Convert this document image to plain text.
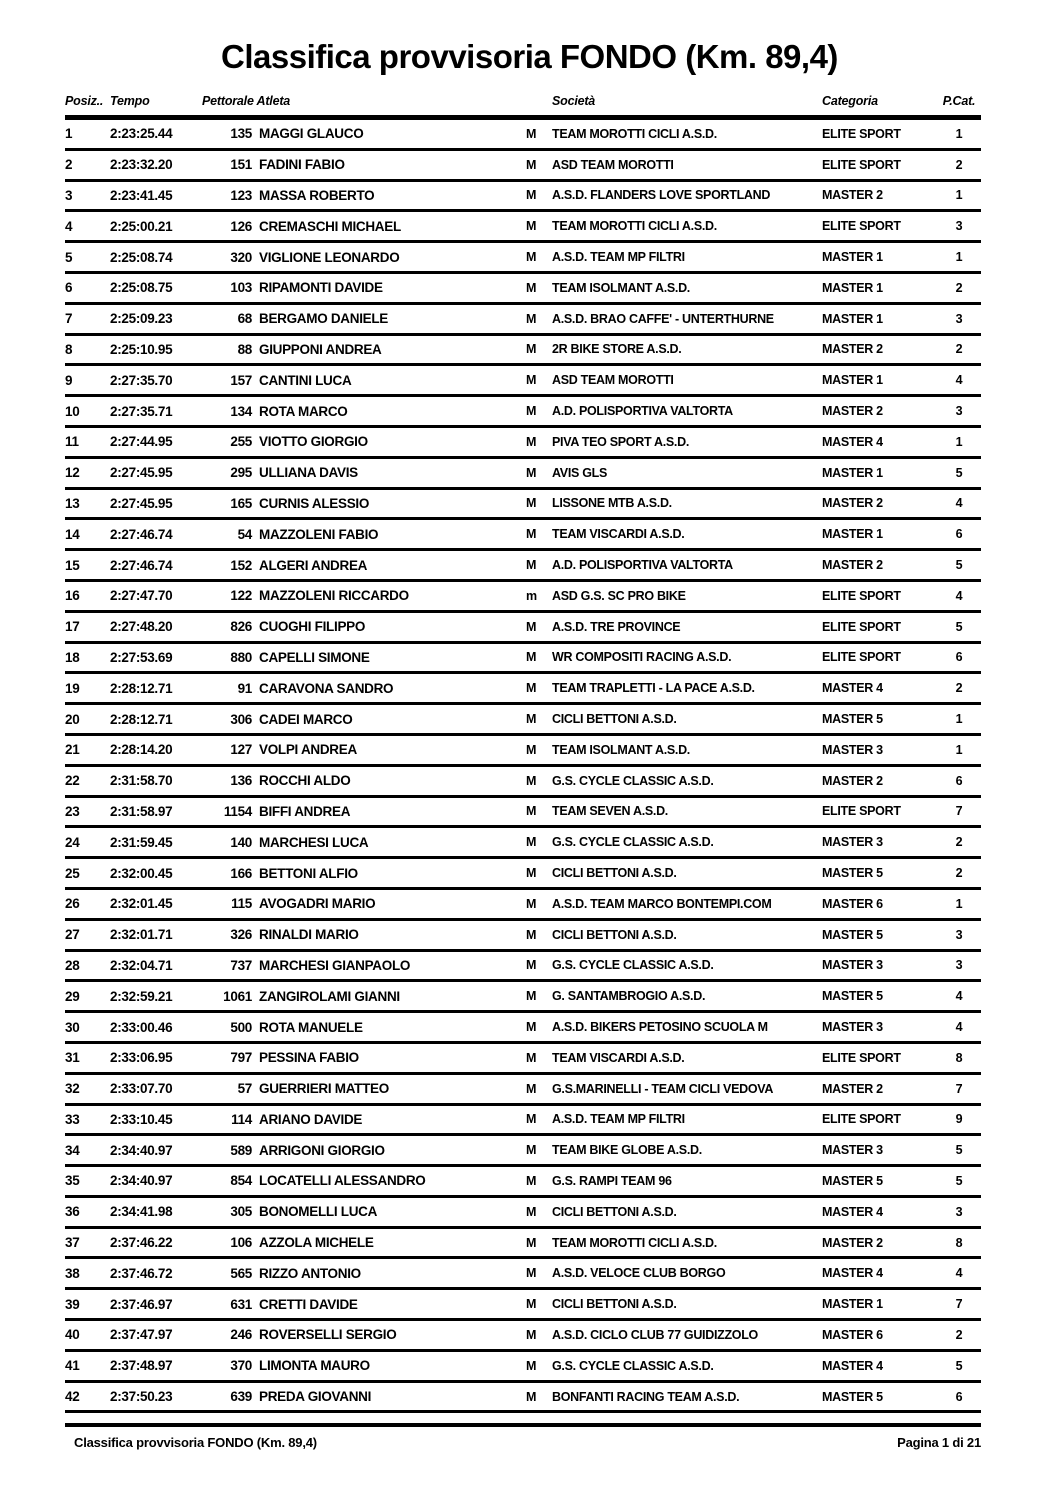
Classifica provvisoria FONDO (Km. 89,4)
Posiz.. Tempo	Pettorale Atleta	Società	Categoria	P.Cat.
1	2:23:25.44	135 MAGGI GLAUCO	M	TEAM MOROTTI CICLI A.S.D.	ELITE SPORT	1
2	2:23:32.20	151 FADINI FABIO	M	ASD TEAM MOROTTI	ELITE SPORT	2
3	2:23:41.45	123 MASSA ROBERTO	M	A.S.D. FLANDERS LOVE SPORTLAND	MASTER 2	1
4	2:25:00.21	126 CREMASCHI MICHAEL	M	TEAM MOROTTI CICLI A.S.D.	ELITE SPORT	3
5	2:25:08.74	320 VIGLIONE LEONARDO	M	A.S.D. TEAM MP FILTRI	MASTER 1	1
6	2:25:08.75	103 RIPAMONTI DAVIDE	M	TEAM ISOLMANT A.S.D.	MASTER 1	2
7	2:25:09.23	68 BERGAMO DANIELE	M	A.S.D. BRAO CAFFE' - UNTERTHURNE	MASTER 1	3
8	2:25:10.95	88 GIUPPONI ANDREA	M	2R BIKE STORE A.S.D.	MASTER 2	2
9	2:27:35.70	157 CANTINI LUCA	M	ASD TEAM MOROTTI	MASTER 1	4
10	2:27:35.71	134 ROTA MARCO	M	A.D. POLISPORTIVA VALTORTA	MASTER 2	3
11	2:27:44.95	255 VIOTTO GIORGIO	M	PIVA TEO SPORT A.S.D.	MASTER 4	1
12	2:27:45.95	295 ULLIANA DAVIS	M	AVIS GLS	MASTER 1	5
13	2:27:45.95	165 CURNIS ALESSIO	M	LISSONE MTB A.S.D.	MASTER 2	4
14	2:27:46.74	54 MAZZOLENI FABIO	M	TEAM VISCARDI A.S.D.	MASTER 1	6
15	2:27:46.74	152 ALGERI ANDREA	M	A.D. POLISPORTIVA VALTORTA	MASTER 2	5
16	2:27:47.70	122 MAZZOLENI RICCARDO	m	ASD G.S. SC PRO BIKE	ELITE SPORT	4
17	2:27:48.20	826 CUOGHI FILIPPO	M	A.S.D. TRE PROVINCE	ELITE SPORT	5
18	2:27:53.69	880 CAPELLI SIMONE	M	WR COMPOSITI RACING A.S.D.	ELITE SPORT	6
19	2:28:12.71	91 CARAVONA SANDRO	M	TEAM TRAPLETTI - LA PACE A.S.D.	MASTER 4	2
20	2:28:12.71	306 CADEI MARCO	M	CICLI BETTONI A.S.D.	MASTER 5	1
21	2:28:14.20	127 VOLPI ANDREA	M	TEAM ISOLMANT A.S.D.	MASTER 3	1
22	2:31:58.70	136 ROCCHI ALDO	M	G.S. CYCLE CLASSIC A.S.D.	MASTER 2	6
23	2:31:58.97	1154 BIFFI ANDREA	M	TEAM SEVEN A.S.D.	ELITE SPORT	7
24	2:31:59.45	140 MARCHESI LUCA	M	G.S. CYCLE CLASSIC A.S.D.	MASTER 3	2
25	2:32:00.45	166 BETTONI ALFIO	M	CICLI BETTONI A.S.D.	MASTER 5	2
26	2:32:01.45	115 AVOGADRI MARIO	M	A.S.D. TEAM MARCO BONTEMPI.COM	MASTER 6	1
27	2:32:01.71	326 RINALDI MARIO	M	CICLI BETTONI A.S.D.	MASTER 5	3
28	2:32:04.71	737 MARCHESI GIANPAOLO	M	G.S. CYCLE CLASSIC A.S.D.	MASTER 3	3
29	2:32:59.21	1061 ZANGIROLAMI GIANNI	M	G. SANTAMBROGIO A.S.D.	MASTER 5	4
30	2:33:00.46	500 ROTA MANUELE	M	A.S.D. BIKERS PETOSINO SCUOLA M	MASTER 3	4
31	2:33:06.95	797 PESSINA FABIO	M	TEAM VISCARDI A.S.D.	ELITE SPORT	8
32	2:33:07.70	57 GUERRIERI MATTEO	M	G.S.MARINELLI - TEAM CICLI VEDOVA	MASTER 2	7
33	2:33:10.45	114 ARIANO DAVIDE	M	A.S.D. TEAM MP FILTRI	ELITE SPORT	9
34	2:34:40.97	589 ARRIGONI GIORGIO	M	TEAM BIKE GLOBE A.S.D.	MASTER 3	5
35	2:34:40.97	854 LOCATELLI ALESSANDRO	M	G.S. RAMPI TEAM 96	MASTER 5	5
36	2:34:41.98	305 BONOMELLI LUCA	M	CICLI BETTONI A.S.D.	MASTER 4	3
37	2:37:46.22	106 AZZOLA MICHELE	M	TEAM MOROTTI CICLI A.S.D.	MASTER 2	8
38	2:37:46.72	565 RIZZO ANTONIO	M	A.S.D. VELOCE CLUB BORGO	MASTER 4	4
39	2:37:46.97	631 CRETTI DAVIDE	M	CICLI BETTONI A.S.D.	MASTER 1	7
40	2:37:47.97	246 ROVERSELLI SERGIO	M	A.S.D. CICLO CLUB 77 GUIDIZZOLO	MASTER 6	2
41	2:37:48.97	370 LIMONTA MAURO	M	G.S. CYCLE CLASSIC A.S.D.	MASTER 4	5
42	2:37:50.23	639 PREDA GIOVANNI	M	BONFANTI RACING TEAM A.S.D.	MASTER 5	6
Classifica provvisoria FONDO (Km. 89,4)	Pagina 1 di 21
